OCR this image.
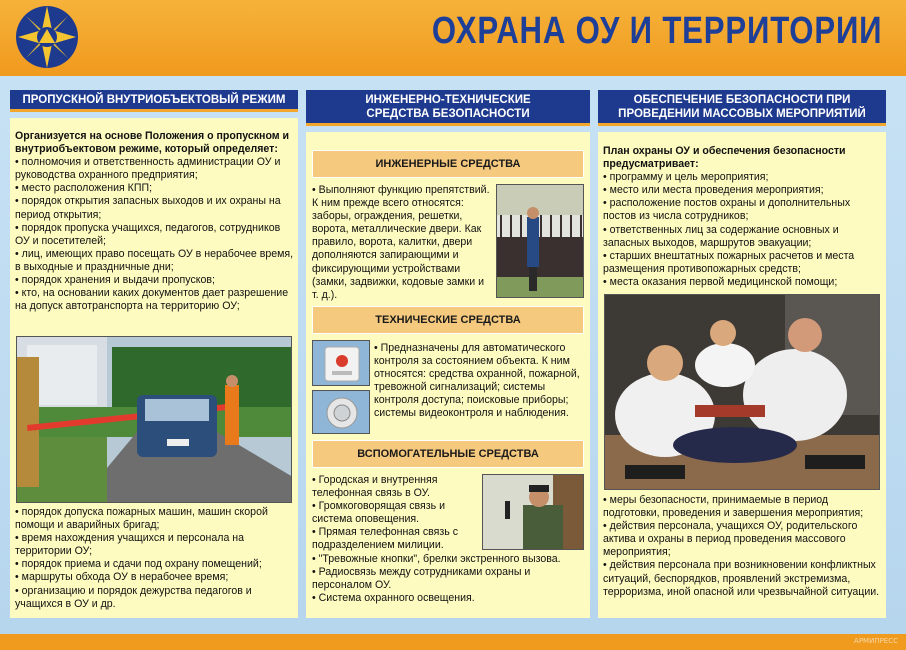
ОХРАНА ОУ И ТЕРРИТОРИИ
ПРОПУСКНОЙ ВНУТРИОБЪЕКТОВЫЙ РЕЖИМ
Организуется на основе Положения о пропускном и внутриобъектовом режиме, который определяет:
• полномочия и ответственность администрации ОУ и руководства охранного предприятия;
• место расположения КПП;
• порядок открытия запасных выходов и их охраны на период открытия;
• порядок пропуска учащихся, педагогов, сотрудников ОУ и посетителей;
• лиц, имеющих право посещать ОУ в нерабочее время, в выходные и праздничные дни;
• порядок хранения и выдачи пропусков;
• кто, на основании каких документов дает разрешение на допуск автотранспорта на территорию ОУ;
• порядок допуска пожарных машин, машин скорой помощи и аварийных бригад;
• время нахождения учащихся и персонала на территории ОУ;
• порядок приема и сдачи под охрану помещений;
• маршруты обхода ОУ в нерабочее время;
• организацию и порядок дежурства педагогов и учащихся в ОУ и др.
ИНЖЕНЕРНО-ТЕХНИЧЕСКИЕ СРЕДСТВА БЕЗОПАСНОСТИ
ИНЖЕНЕРНЫЕ СРЕДСТВА
• Выполняют функцию препятствий. К ним прежде всего относятся: заборы, ограждения, решетки, ворота, металлические двери. Как правило, ворота, калитки, двери дополняются запирающими и фиксирующими устройствами (замки, задвижки, кодовые замки и т. д.).
ТЕХНИЧЕСКИЕ СРЕДСТВА
• Предназначены для автоматического контроля за состоянием объекта. К ним относятся: средства охранной, пожарной, тревожной сигнализаций; системы контроля доступа; поисковые приборы; системы видеоконтроля и наблюдения.
ВСПОМОГАТЕЛЬНЫЕ СРЕДСТВА
• Городская и внутренняя телефонная связь в ОУ.
• Громкоговорящая связь и система оповещения.
• Прямая телефонная связь с подразделением милиции.
• "Тревожные кнопки", брелки экстренного вызова.
• Радиосвязь между сотрудниками охраны и персоналом ОУ.
• Система охранного освещения.
ОБЕСПЕЧЕНИЕ БЕЗОПАСНОСТИ ПРИ ПРОВЕДЕНИИ МАССОВЫХ МЕРОПРИЯТИЙ
План охраны ОУ и обеспечения безопасности предусматривает:
• программу и цель мероприятия;
• место или места проведения мероприятия;
• расположение постов охраны и дополнительных постов из числа сотрудников;
• ответственных лиц за содержание основных и запасных выходов, маршрутов эвакуации;
• старших внештатных пожарных расчетов и места размещения противопожарных средств;
• места оказания первой медицинской помощи;
• меры безопасности, принимаемые в период подготовки, проведения и завершения мероприятия;
• действия персонала, учащихся ОУ, родительского актива и охраны в период проведения массового мероприятия;
• действия персонала при возникновении конфликтных ситуаций, беспорядков, проявлений экстремизма, терроризма, иной опасной или чрезвычайной ситуации.
АРМИПРЕСС
